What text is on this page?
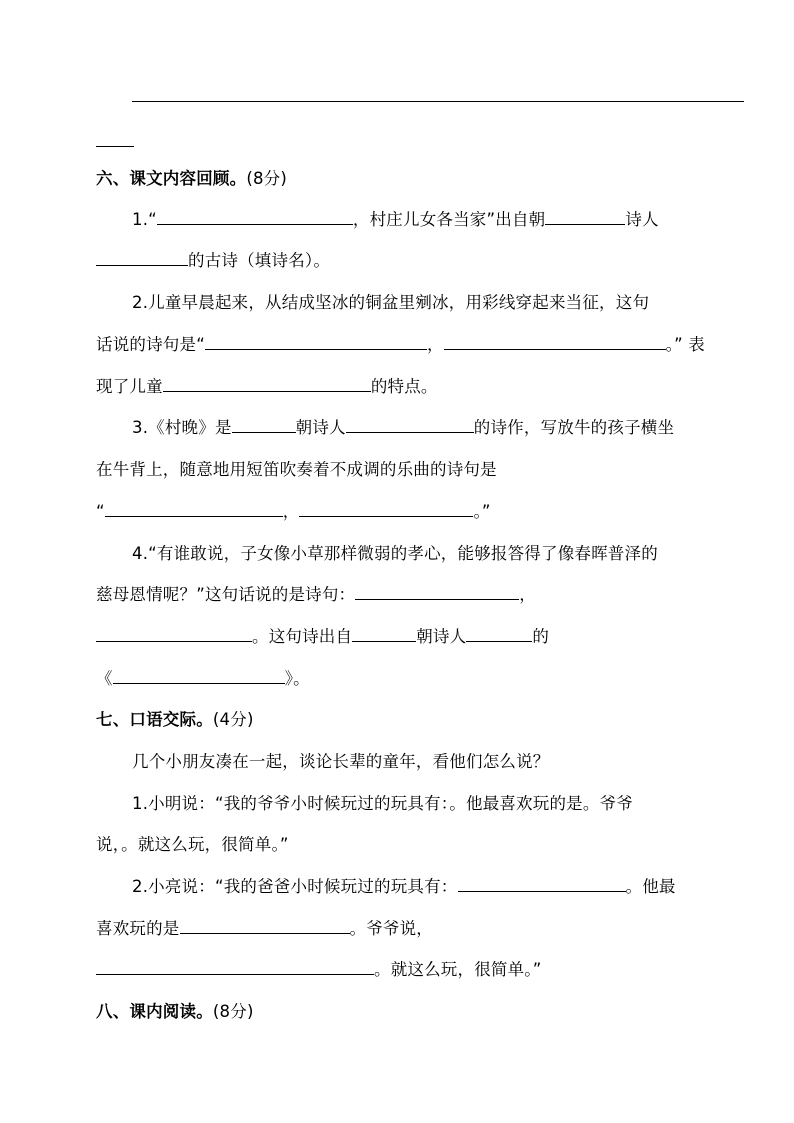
六、课文内容回顾。(8分)
1.“	，村庄儿女各当家”出自朝	诗人
的古诗（填诗名）。
2.儿童早晨起来，从结成坚冰的铜盆里剜冰，用彩线穿起来当征，这句
话说的诗句是“	，	。” 表
现了儿童	的特点。
3.《村晚》是	朝诗人	的诗作，写放牛的孩子横坐
在牛背上，随意地用短笛吹奏着不成调的乐曲的诗句是
“	，	。”
4.“有谁敢说，子女像小草那样微弱的孝心，能够报答得了像春晖普泽的
慈母恩情呢？”这句话说的是诗句：	，
。这句诗出自	朝诗人	的
《	》。
七、口语交际。(4分)
几个小朋友凑在一起，谈论长辈的童年，看他们怎么说？
1.小明说：“我的爷爷小时候玩过的玩具有：。他最喜欢玩的是。爷爷
说，。就这么玩，很简单。”
2.小亮说：“我的爸爸小时候玩过的玩具有：	。他最
喜欢玩的是	。爷爷说，
。就这么玩，很简单。”
八、课内阅读。(8分)
